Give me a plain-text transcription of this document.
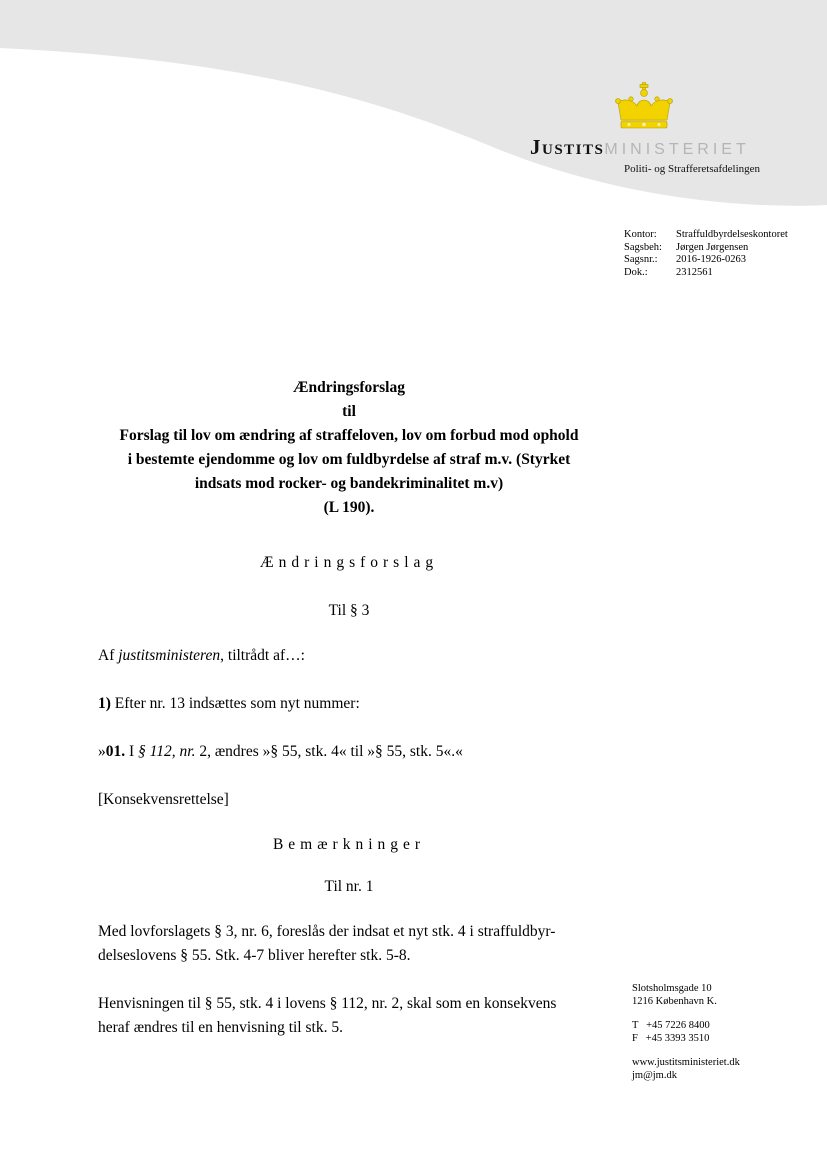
JustitsMINISTERIET
Politi- og Strafferetsafdelingen
Kontor:	Straffuldbyrdelseskontoret
Sagsbeh:	Jørgen Jørgensen
Sagsnr.:	2016-1926-0263
Dok.:	2312561
Ændringsforslag
til
Forslag til lov om ændring af straffeloven, lov om forbud mod ophold
i bestemte ejendomme og lov om fuldbyrdelse af straf m.v. (Styrket
indsats mod rocker- og bandekriminalitet m.v)
(L 190).
Ændringsforslag
Til § 3
Af justitsministeren, tiltrådt af…:
1) Efter nr. 13 indsættes som nyt nummer:
»01. I § 112, nr. 2, ændres »§ 55, stk. 4« til »§ 55, stk. 5«.«
[Konsekvensrettelse]
Bemærkninger
Til nr. 1
Med lovforslagets § 3, nr. 6, foreslås der indsat et nyt stk. 4 i straffuldbyr-
delseslovens § 55. Stk. 4-7 bliver herefter stk. 5-8.
Henvisningen til § 55, stk. 4 i lovens § 112, nr. 2, skal som en konsekvens
heraf ændres til en henvisning til stk. 5.
Slotsholmsgade 10
1216 København K.
T   +45 7226 8400
F   +45 3393 3510
www.justitsministeriet.dk
jm@jm.dk
